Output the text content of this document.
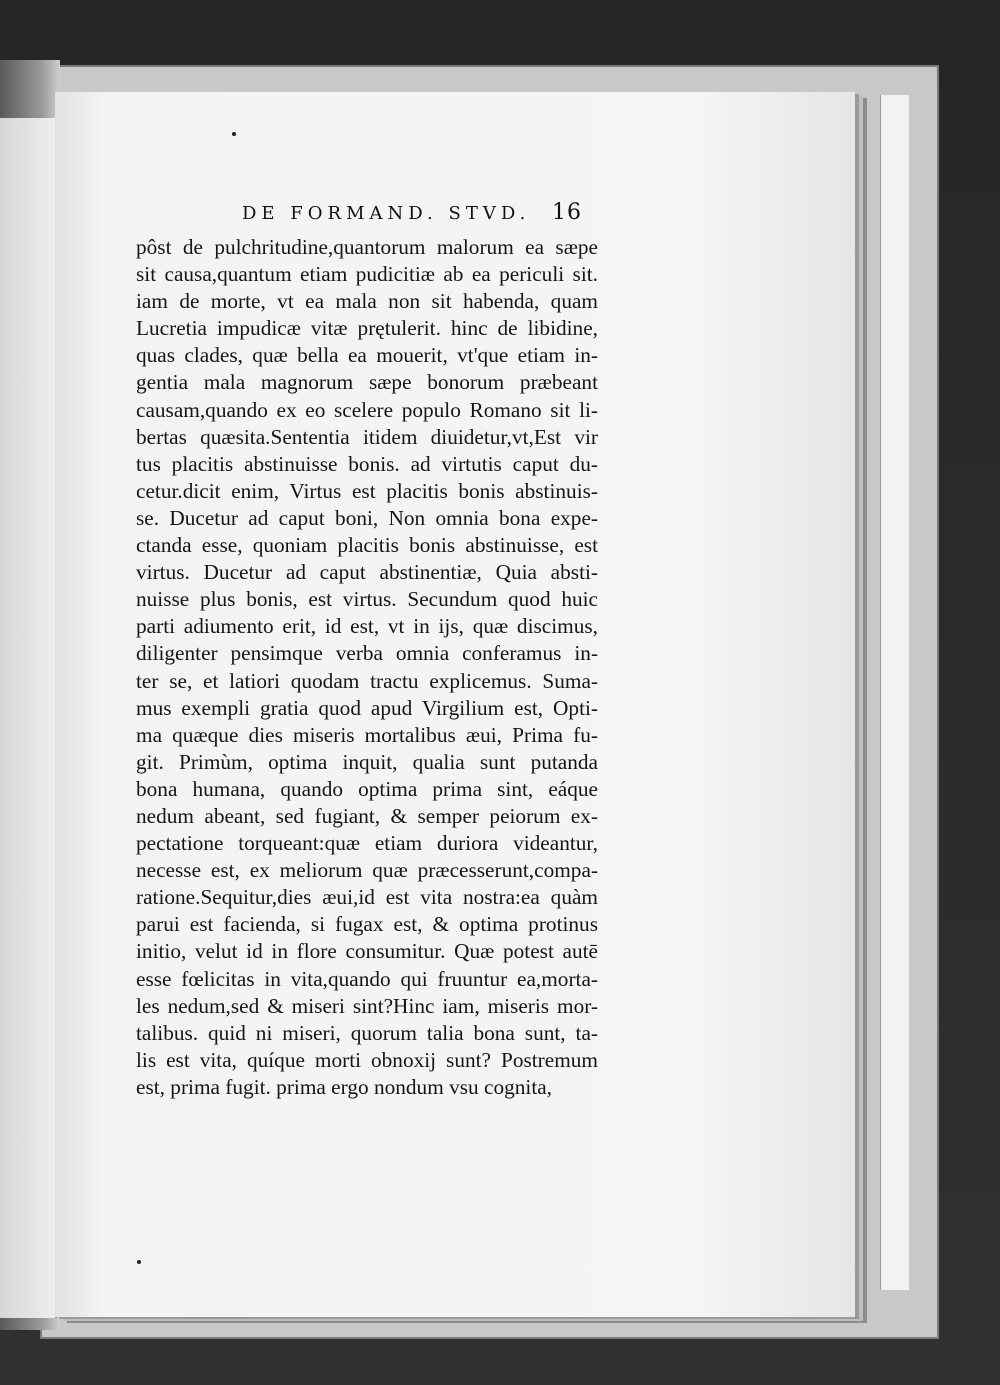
DE FORMAND. STVD. 16
pôst de pulchritudine,quantorum malorum ea sæpe
sit causa,quantum etiam pudicitiæ ab ea periculi sit.
iam de morte, vt ea mala non sit habenda, quam
Lucretia impudicæ vitæ prętulerit. hinc de libidine,
quas clades, quæ bella ea mouerit, vt'que etiam in-
gentia mala magnorum sæpe bonorum præbeant
causam,quando ex eo scelere populo Romano sit li-
bertas quæsita.Sententia itidem diuidetur,vt,Est vir
tus placitis abstinuisse bonis. ad virtutis caput du-
cetur.dicit enim, Virtus est placitis bonis abstinuis-
se. Ducetur ad caput boni, Non omnia bona expe-
ctanda esse, quoniam placitis bonis abstinuisse, est
virtus. Ducetur ad caput abstinentiæ, Quia absti-
nuisse plus bonis, est virtus. Secundum quod huic
parti adiumento erit, id est, vt in ijs, quæ discimus,
diligenter pensimque verba omnia conferamus in-
ter se, et latiori quodam tractu explicemus. Suma-
mus exempli gratia quod apud Virgilium est, Opti-
ma quæque dies miseris mortalibus æui, Prima fu-
git. Primùm, optima inquit, qualia sunt putanda
bona humana, quando optima prima sint, eáque
nedum abeant, sed fugiant, & semper peiorum ex-
pectatione torqueant:quæ etiam duriora videantur,
necesse est, ex meliorum quæ præcesserunt,compa-
ratione.Sequitur,dies æui,id est vita nostra:ea quàm
parui est facienda, si fugax est, & optima protinus
initio, velut id in flore consumitur. Quæ potest autē
esse fœlicitas in vita,quando qui fruuntur ea,morta-
les nedum,sed & miseri sint?Hinc iam, miseris mor-
talibus. quid ni miseri, quorum talia bona sunt, ta-
lis est vita, quíque morti obnoxij sunt? Postremum
est, prima fugit. prima ergo nondum vsu cognita,
